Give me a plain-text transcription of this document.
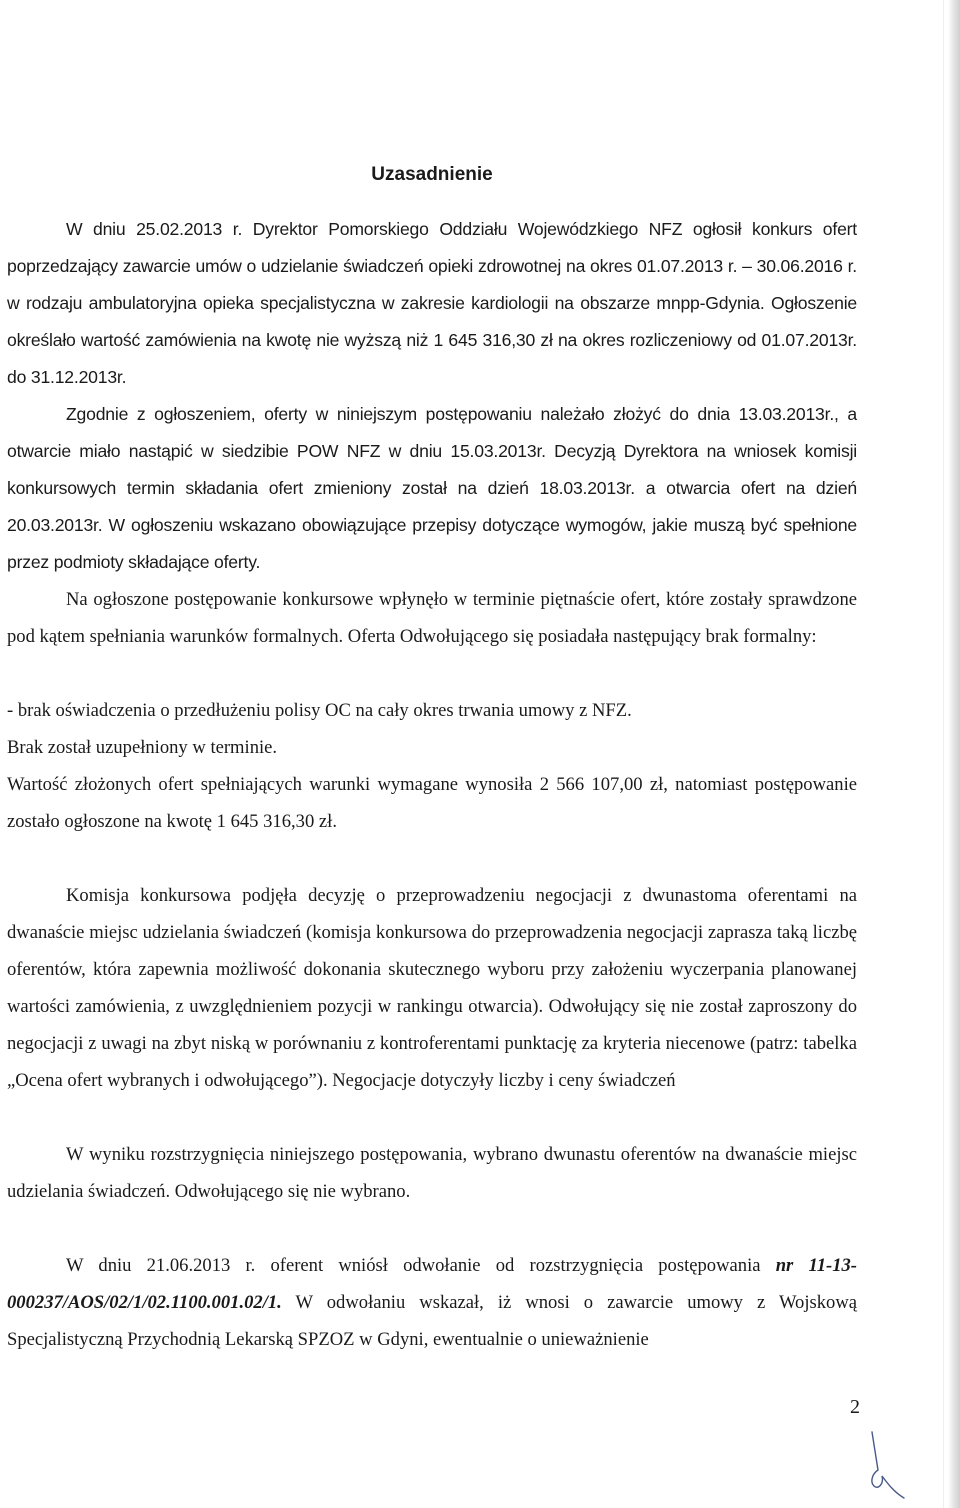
Uzasadnienie
W dniu 25.02.2013 r. Dyrektor Pomorskiego Oddziału Wojewódzkiego NFZ ogłosił konkurs ofert poprzedzający zawarcie umów o udzielanie świadczeń opieki zdrowotnej na okres 01.07.2013 r. – 30.06.2016 r. w rodzaju ambulatoryjna opieka specjalistyczna w zakresie kardiologii na obszarze mnpp-Gdynia. Ogłoszenie określało wartość zamówienia na kwotę nie wyższą niż 1 645 316,30 zł na okres rozliczeniowy od 01.07.2013r. do 31.12.2013r.
Zgodnie z ogłoszeniem, oferty w niniejszym postępowaniu należało złożyć do dnia 13.03.2013r., a otwarcie miało nastąpić w siedzibie POW NFZ w dniu 15.03.2013r. Decyzją Dyrektora na wniosek komisji konkursowych termin składania ofert zmieniony został na dzień 18.03.2013r. a otwarcia ofert na dzień 20.03.2013r. W ogłoszeniu wskazano obowiązujące przepisy dotyczące wymogów, jakie muszą być spełnione przez podmioty składające oferty.
Na ogłoszone postępowanie konkursowe wpłynęło w terminie piętnaście ofert, które zostały sprawdzone pod kątem spełniania warunków formalnych. Oferta Odwołującego się posiadała następujący brak formalny:
- brak oświadczenia o przedłużeniu polisy OC na cały okres trwania umowy z NFZ.
Brak został uzupełniony w terminie.
Wartość złożonych ofert spełniających warunki wymagane wynosiła 2 566 107,00 zł, natomiast postępowanie zostało ogłoszone na kwotę 1 645 316,30 zł.
Komisja konkursowa podjęła decyzję o przeprowadzeniu negocjacji z dwunastoma oferentami na dwanaście miejsc udzielania świadczeń (komisja konkursowa do przeprowadzenia negocjacji zaprasza taką liczbę oferentów, która zapewnia możliwość dokonania skutecznego wyboru przy założeniu wyczerpania planowanej wartości zamówienia, z uwzględnieniem pozycji w rankingu otwarcia). Odwołujący się nie został zaproszony do negocjacji z uwagi na zbyt niską w porównaniu z kontroferentami punktację za kryteria niecenowe (patrz: tabelka „Ocena ofert wybranych i odwołującego”). Negocjacje dotyczyły liczby i ceny świadczeń
W wyniku rozstrzygnięcia niniejszego postępowania, wybrano dwunastu oferentów na dwanaście miejsc udzielania świadczeń. Odwołującego się nie wybrano.
W dniu 21.06.2013 r. oferent wniósł odwołanie od rozstrzygnięcia postępowania nr 11-13-000237/AOS/02/1/02.1100.001.02/1. W odwołaniu wskazał, iż wnosi o zawarcie umowy z Wojskową Specjalistyczną Przychodnią Lekarską SPZOZ w Gdyni, ewentualnie o unieważnienie
2
